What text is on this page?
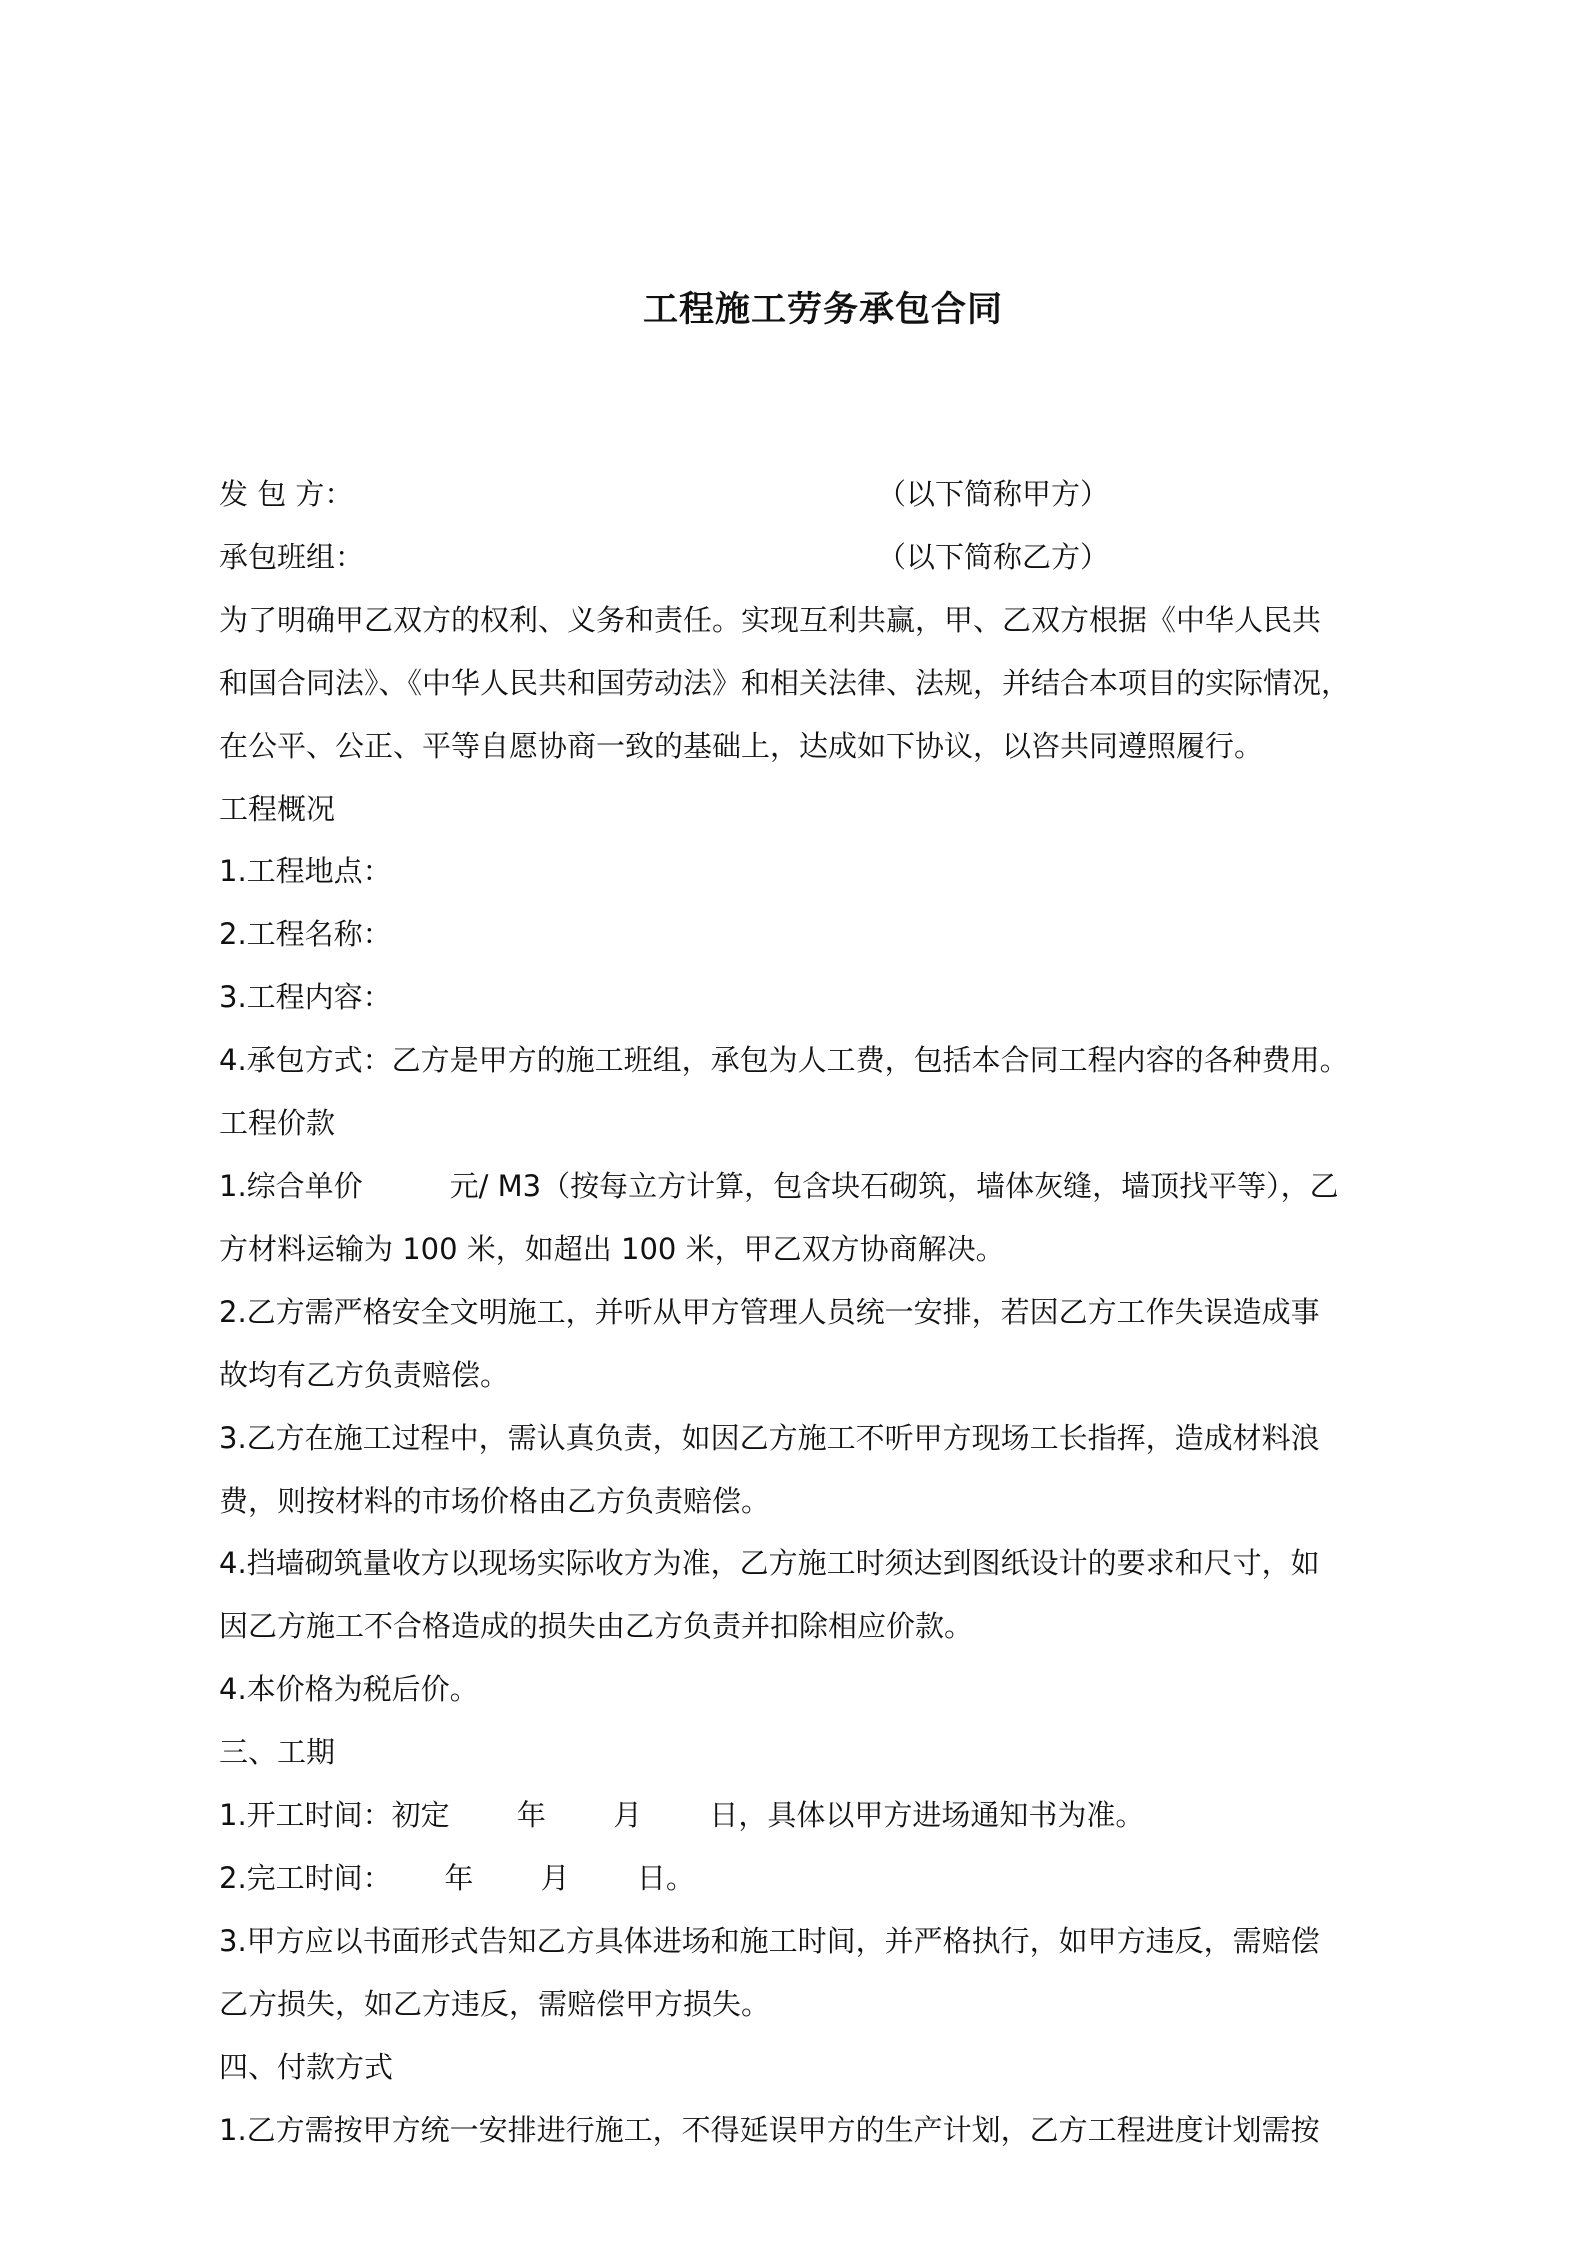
工程施工劳务承包合同
发 包 方：	（以下简称甲方）
承包班组：	（以下简称乙方）
为了明确甲乙双方的权利、义务和责任。实现互利共赢，甲、乙双方根据《中华人民共
和国合同法》、《中华人民共和国劳动法》和相关法律、法规，并结合本项目的实际情况，
在公平、公正、平等自愿协商一致的基础上，达成如下协议，以咨共同遵照履行。
工程概况
1.工程地点：
2.工程名称：
3.工程内容：
4.承包方式：乙方是甲方的施工班组，承包为人工费，包括本合同工程内容的各种费用。
工程价款
1.综合单价　　　元/ M3（按每立方计算，包含块石砌筑，墙体灰缝，墙顶找平等），乙
方材料运输为 100 米，如超出 100 米，甲乙双方协商解决。
2.乙方需严格安全文明施工，并听从甲方管理人员统一安排，若因乙方工作失误造成事
故均有乙方负责赔偿。
3.乙方在施工过程中，需认真负责，如因乙方施工不听甲方现场工长指挥，造成材料浪
费，则按材料的市场价格由乙方负责赔偿。
4.挡墙砌筑量收方以现场实际收方为准，乙方施工时须达到图纸设计的要求和尺寸，如
因乙方施工不合格造成的损失由乙方负责并扣除相应价款。
4.本价格为税后价。
三、工期
1.开工时间：初定　　 年　　 月　　 日，具体以甲方进场通知书为准。
2.完工时间：　　 年　　 月　　 日。
3.甲方应以书面形式告知乙方具体进场和施工时间，并严格执行，如甲方违反，需赔偿
乙方损失，如乙方违反，需赔偿甲方损失。
四、付款方式
1.乙方需按甲方统一安排进行施工，不得延误甲方的生产计划，乙方工程进度计划需按
